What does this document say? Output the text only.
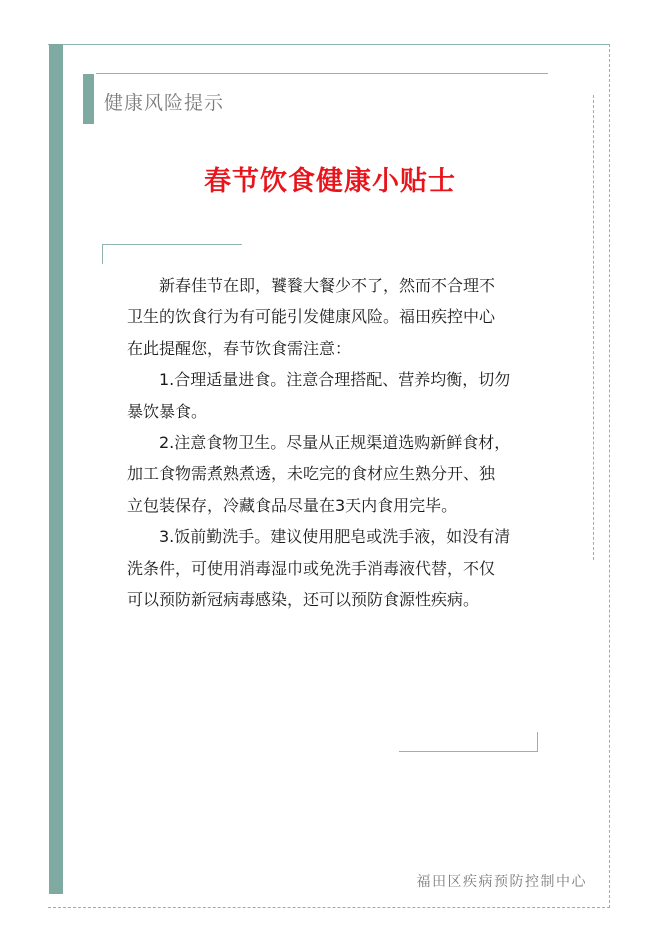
健康风险提示
春节饮食健康小贴士

新春佳节在即，饕餮大餐少不了，然而不合理不
卫生的饮食行为有可能引发健康风险。福田疾控中心
在此提醒您，春节饮食需注意：

1.合理适量进食。注意合理搭配、营养均衡，切勿
暴饮暴食。

2.注意食物卫生。尽量从正规渠道选购新鲜食材，
加工食物需煮熟煮透，未吃完的食材应生熟分开、独
立包装保存，冷藏食品尽量在3天内食用完毕。

3.饭前勤洗手。建议使用肥皂或洗手液，如没有清
洗条件，可使用消毒湿巾或免洗手消毒液代替，不仅
可以预防新冠病毒感染，还可以预防食源性疾病。

福田区疾病预防控制中心
